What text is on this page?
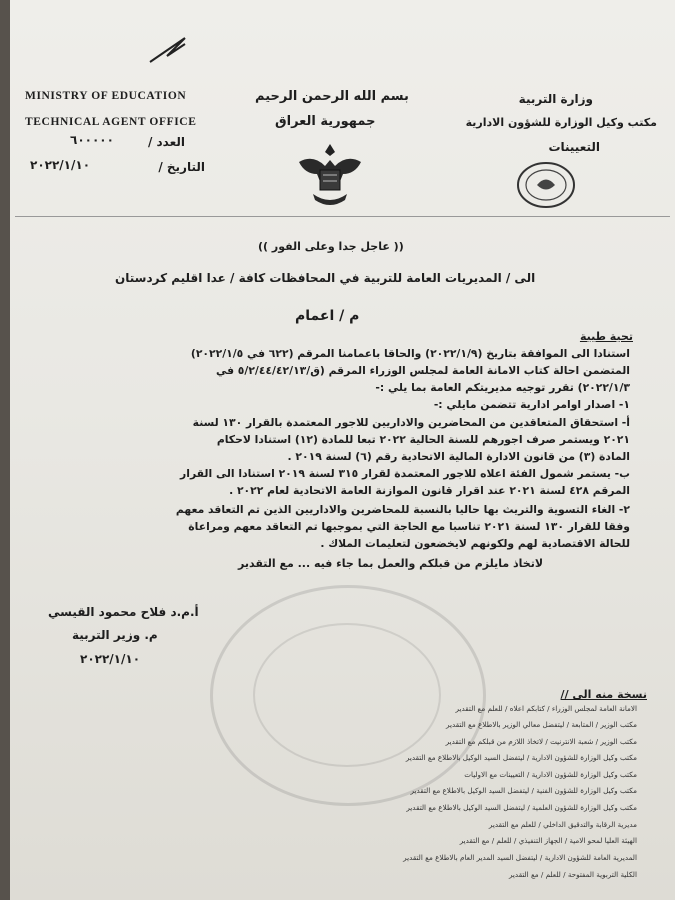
MINISTRY OF EDUCATION
TECHNICAL AGENT OFFICE
العدد /
٦٠٠٠٠٠
التاريخ /
٢٠٢٢/١/١٠
بسم الله الرحمن الرحيم
جمهورية العراق
وزارة التربية
مكتب وكيل الوزارة للشؤون الادارية
التعيينات
(( عاجل جدا وعلى الفور ))
الى / المديريات العامة للتربية في المحافظات كافة / عدا اقليم كردستان
م / اعمام
تحية طيبة
استنادا الى الموافقة بتاريخ (٢٠٢٢/١/٩) والحاقا باعمامنا المرقم (٦٢٢ في ٢٠٢٢/١/٥)
المتضمن احالة كتاب الامانة العامة لمجلس الوزراء المرقم (ق/٥/٢/٤٤/٤٢/١٣ في
٢٠٢٢/١/٣) تقرر توجيه مديريتكم العامة بما يلي :-
١- اصدار اوامر ادارية تتضمن مايلي :-
أ- استحقاق المتعاقدين من المحاضرين والاداريين للاجور المعتمدة بالقرار ١٣٠ لسنة
٢٠٢١ ويستمر صرف اجورهم للسنة الحالية ٢٠٢٢ تبعا للمادة (١٢) استنادا لاحكام
المادة (٣) من قانون الادارة المالية الاتحادية رقم (٦) لسنة ٢٠١٩ .
ب- يستمر شمول الفئة اعلاه للاجور المعتمدة لقرار ٣١٥ لسنة ٢٠١٩ استنادا الى القرار
المرقم ٤٢٨ لسنة ٢٠٢١ عند اقرار قانون الموازنة العامة الاتحادية لعام ٢٠٢٢ .
٢- الغاء التسوية والتريث بها حاليا بالنسبة للمحاضرين والاداريين الذين تم التعاقد معهم
وفقا للقرار ١٣٠ لسنة ٢٠٢١ تناسبا مع الحاجة التي بموجبها تم التعاقد معهم ومراعاة
للحالة الاقتصادية لهم ولكونهم لايخضعون لتعليمات الملاك .
لاتخاذ مايلزم من قبلكم والعمل بما جاء فيه ... مع التقدير
أ.م.د فلاح محمود القيسي
م. وزير التربية
٢٠٢٢/١/١٠
نسخة منه الى //
الامانة العامة لمجلس الوزراء / كتابكم اعلاه / للعلم مع التقدير
مكتب الوزير / المتابعة / ليتفضل معالي الوزير بالاطلاع مع التقدير
مكتب الوزير / شعبة الانترنيت / لاتخاذ اللازم من قبلكم مع التقدير
مكتب وكيل الوزارة للشؤون الادارية / ليتفضل السيد الوكيل بالاطلاع مع التقدير
مكتب وكيل الوزارة للشؤون الادارية / التعيينات مع الاوليات
مكتب وكيل الوزارة للشؤون الفنية / ليتفضل السيد الوكيل بالاطلاع مع التقدير
مكتب وكيل الوزارة للشؤون العلمية / ليتفضل السيد الوكيل بالاطلاع مع التقدير
مديرية الرقابة والتدقيق الداخلي / للعلم مع التقدير
الهيئة العليا لمحو الامية / الجهاز التنفيذي / للعلم / مع التقدير
المديرية العامة للشؤون الادارية / ليتفضل السيد المدير العام بالاطلاع مع التقدير
الكلية التربوية المفتوحة / للعلم / مع التقدير
